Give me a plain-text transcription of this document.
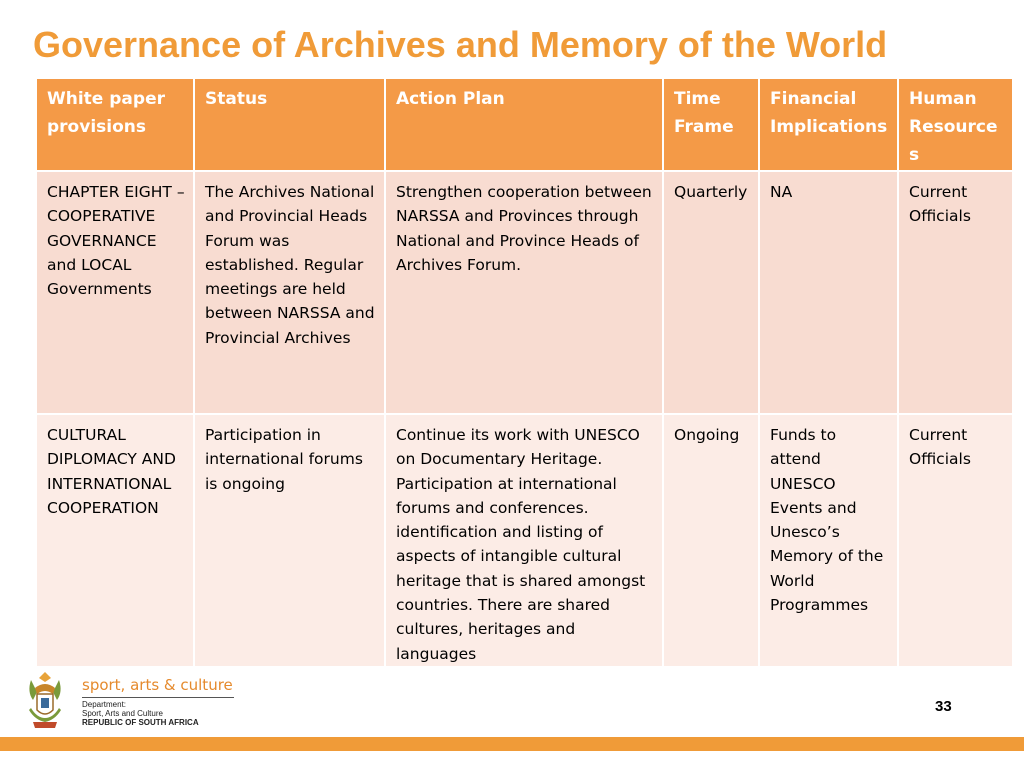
Governance of Archives and Memory of the World
White paper provisions	Status	Action Plan	Time Frame	Financial Implications	Human Resources
CHAPTER EIGHT – COOPERATIVE GOVERNANCE and LOCAL Governments	The Archives National and Provincial Heads Forum was established. Regular meetings are held between NARSSA and Provincial Archives	Strengthen cooperation between NARSSA and Provinces through National and Province Heads of Archives Forum.	Quarterly	NA	Current Officials
CULTURAL DIPLOMACY AND INTERNATIONAL COOPERATION	Participation in international forums is ongoing	Continue its work with UNESCO on Documentary Heritage. Participation at international forums and conferences. identification and listing of aspects of intangible cultural heritage that is shared amongst countries. There are shared cultures, heritages and languages	Ongoing	Funds to attend UNESCO Events and Unesco’s Memory of the World Programmes	Current Officials
sport, arts & culture
Department:
Sport, Arts and Culture
REPUBLIC OF SOUTH AFRICA
33
